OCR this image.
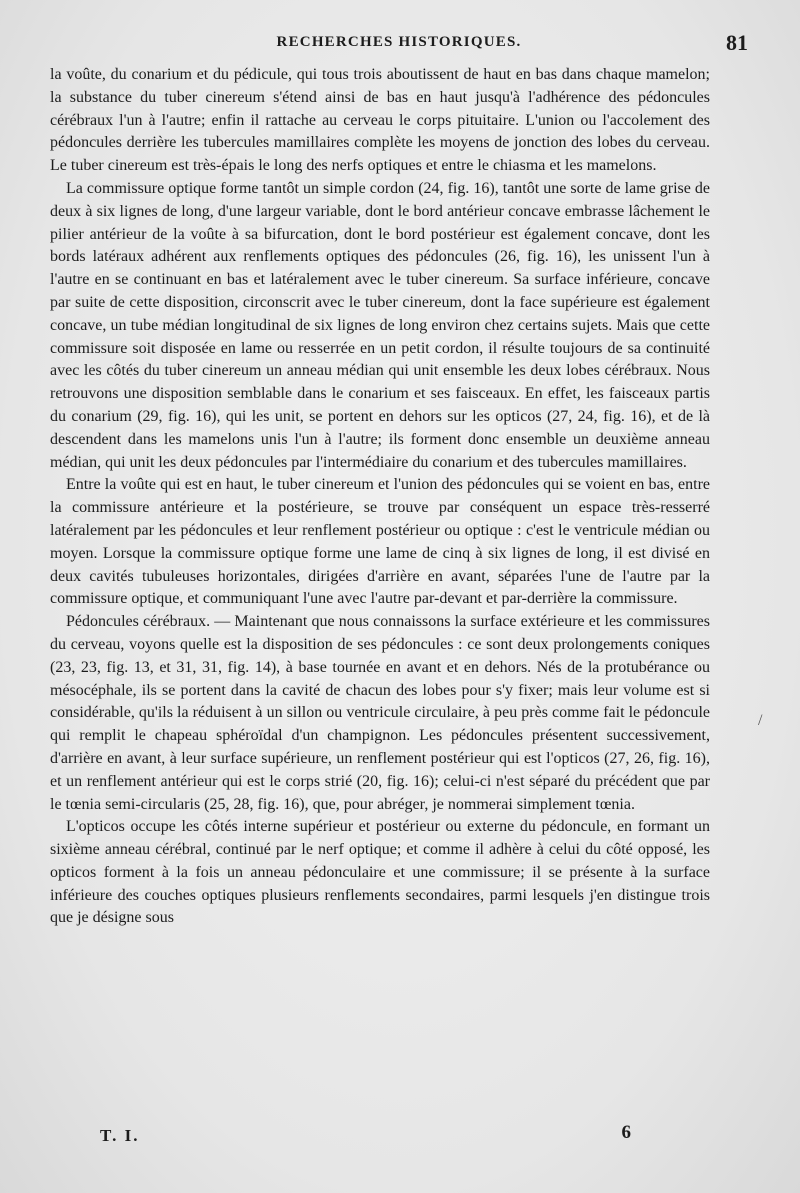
RECHERCHES HISTORIQUES.	81

la voûte, du conarium et du pédicule, qui tous trois aboutissent de haut en bas dans chaque mamelon; la substance du tuber cinereum s'étend ainsi de bas en haut jusqu'à l'adhérence des pédoncules cérébraux l'un à l'autre; enfin il rattache au cerveau le corps pituitaire. L'union ou l'accolement des pédoncules derrière les tubercules mamillaires complète les moyens de jonction des lobes du cerveau. Le tuber cinereum est très-épais le long des nerfs optiques et entre le chiasma et les mamelons.

La commissure optique forme tantôt un simple cordon (24, fig. 16), tantôt une sorte de lame grise de deux à six lignes de long, d'une largeur variable, dont le bord antérieur concave embrasse lâchement le pilier antérieur de la voûte à sa bifurcation, dont le bord postérieur est également concave, dont les bords latéraux adhérent aux renflements optiques des pédoncules (26, fig. 16), les unissent l'un à l'autre en se continuant en bas et latéralement avec le tuber cinereum. Sa surface inférieure, concave par suite de cette disposition, circonscrit avec le tuber cinereum, dont la face supérieure est également concave, un tube médian longitudinal de six lignes de long environ chez certains sujets. Mais que cette commissure soit disposée en lame ou resserrée en un petit cordon, il résulte toujours de sa continuité avec les côtés du tuber cinereum un anneau médian qui unit ensemble les deux lobes cérébraux. Nous retrouvons une disposition semblable dans le conarium et ses faisceaux. En effet, les faisceaux partis du conarium (29, fig. 16), qui les unit, se portent en dehors sur les opticos (27, 24, fig. 16), et de là descendent dans les mamelons unis l'un à l'autre; ils forment donc ensemble un deuxième anneau médian, qui unit les deux pédoncules par l'intermédiaire du conarium et des tubercules mamillaires.

Entre la voûte qui est en haut, le tuber cinereum et l'union des pédoncules qui se voient en bas, entre la commissure antérieure et la postérieure, se trouve par conséquent un espace très-resserré latéralement par les pédoncules et leur renflement postérieur ou optique : c'est le ventricule médian ou moyen. Lorsque la commissure optique forme une lame de cinq à six lignes de long, il est divisé en deux cavités tubuleuses horizontales, dirigées d'arrière en avant, séparées l'une de l'autre par la commissure optique, et communiquant l'une avec l'autre par-devant et par-derrière la commissure.

Pédoncules cérébraux. — Maintenant que nous connaissons la surface extérieure et les commissures du cerveau, voyons quelle est la disposition de ses pédoncules : ce sont deux prolongements coniques (23, 23, fig. 13, et 31, 31, fig. 14), à base tournée en avant et en dehors. Nés de la protubérance ou mésocéphale, ils se portent dans la cavité de chacun des lobes pour s'y fixer; mais leur volume est si considérable, qu'ils la réduisent à un sillon ou ventricule circulaire, à peu près comme fait le pédoncule qui remplit le chapeau sphéroïdal d'un champignon. Les pédoncules présentent successivement, d'arrière en avant, à leur surface supérieure, un renflement postérieur qui est l'opticos (27, 26, fig. 16), et un renflement antérieur qui est le corps strié (20, fig. 16); celui-ci n'est séparé du précédent que par le tœnia semi-circularis (25, 28, fig. 16), que, pour abréger, je nommerai simplement tœnia.

L'opticos occupe les côtés interne supérieur et postérieur ou externe du pédoncule, en formant un sixième anneau cérébral, continué par le nerf optique; et comme il adhère à celui du côté opposé, les opticos forment à la fois un anneau pédonculaire et une commissure; il se présente à la surface inférieure des couches optiques plusieurs renflements secondaires, parmi lesquels j'en distingue trois que je désigne sous

/
T. I.	6
